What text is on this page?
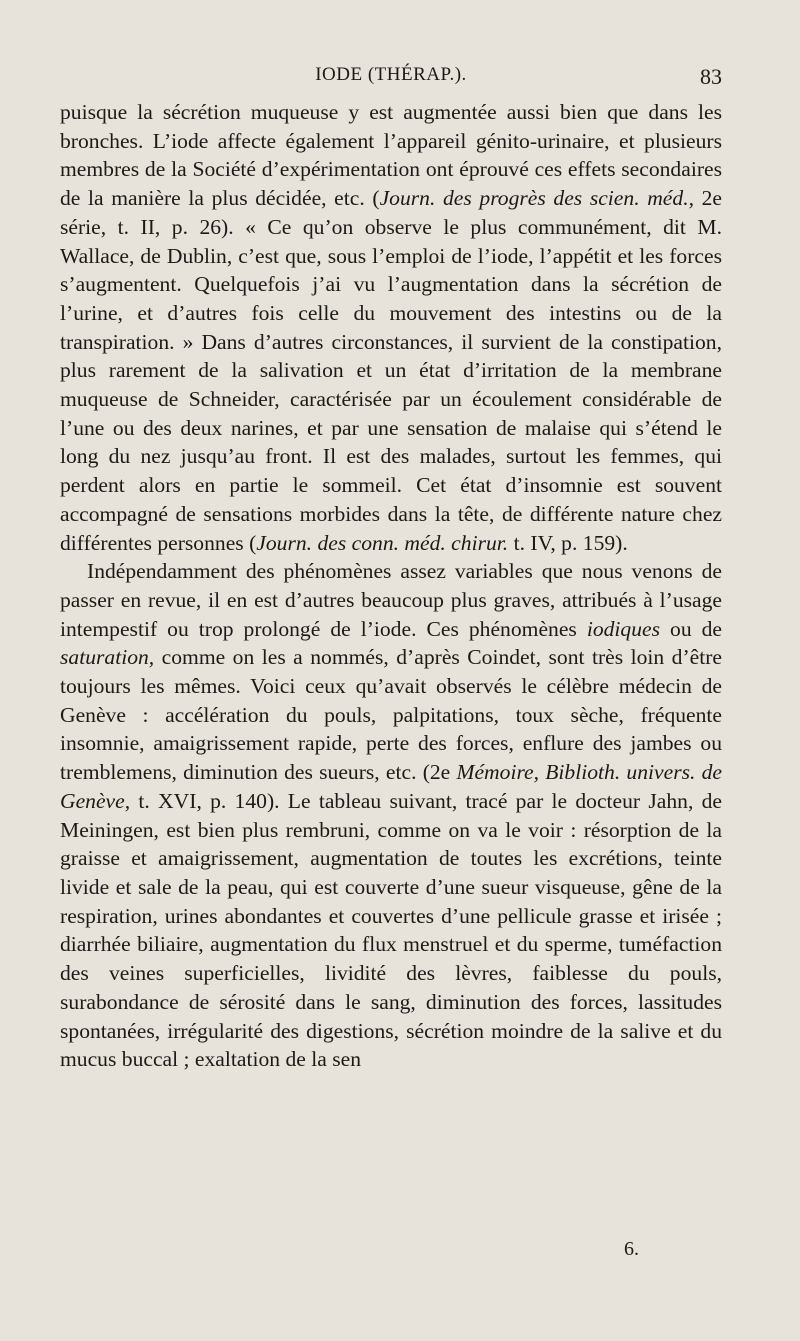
IODE (THÉRAP.).	83

puisque la sécrétion muqueuse y est augmentée aussi bien que dans les bronches. L’iode affecte également l’appareil génito-urinaire, et plusieurs membres de la Société d’expérimentation ont éprouvé ces effets secondaires de la manière la plus décidée, etc. (Journ. des progrès des scien. méd., 2e série, t. II, p. 26). « Ce qu’on observe le plus communément, dit M. Wallace, de Dublin, c’est que, sous l’emploi de l’iode, l’appétit et les forces s’augmentent. Quelquefois j’ai vu l’augmentation dans la sécrétion de l’urine, et d’autres fois celle du mouvement des intestins ou de la transpiration. » Dans d’autres circonstances, il survient de la constipation, plus rarement de la salivation et un état d’irritation de la membrane muqueuse de Schneider, caractérisée par un écoulement considérable de l’une ou des deux narines, et par une sensation de malaise qui s’étend le long du nez jusqu’au front. Il est des malades, surtout les femmes, qui perdent alors en partie le sommeil. Cet état d’insomnie est souvent accompagné de sensations morbides dans la tête, de différente nature chez différentes personnes (Journ. des conn. méd. chirur. t. IV, p. 159).

Indépendamment des phénomènes assez variables que nous venons de passer en revue, il en est d’autres beaucoup plus graves, attribués à l’usage intempestif ou trop prolongé de l’iode. Ces phénomènes iodiques ou de saturation, comme on les a nommés, d’après Coindet, sont très loin d’être toujours les mêmes. Voici ceux qu’avait observés le célèbre médecin de Genève : accélération du pouls, palpitations, toux sèche, fréquente insomnie, amaigrissement rapide, perte des forces, enflure des jambes ou tremblemens, diminution des sueurs, etc. (2e Mémoire, Biblioth. univers. de Genève, t. XVI, p. 140). Le tableau suivant, tracé par le docteur Jahn, de Meiningen, est bien plus rembruni, comme on va le voir : résorption de la graisse et amaigrissement, augmentation de toutes les excrétions, teinte livide et sale de la peau, qui est couverte d’une sueur visqueuse, gêne de la respiration, urines abondantes et couvertes d’une pellicule grasse et irisée ; diarrhée biliaire, augmentation du flux menstruel et du sperme, tuméfaction des veines superficielles, lividité des lèvres, faiblesse du pouls, surabondance de sérosité dans le sang, diminution des forces, lassitudes spontanées, irrégularité des digestions, sécrétion moindre de la salive et du mucus buccal ; exaltation de la sen

6.
